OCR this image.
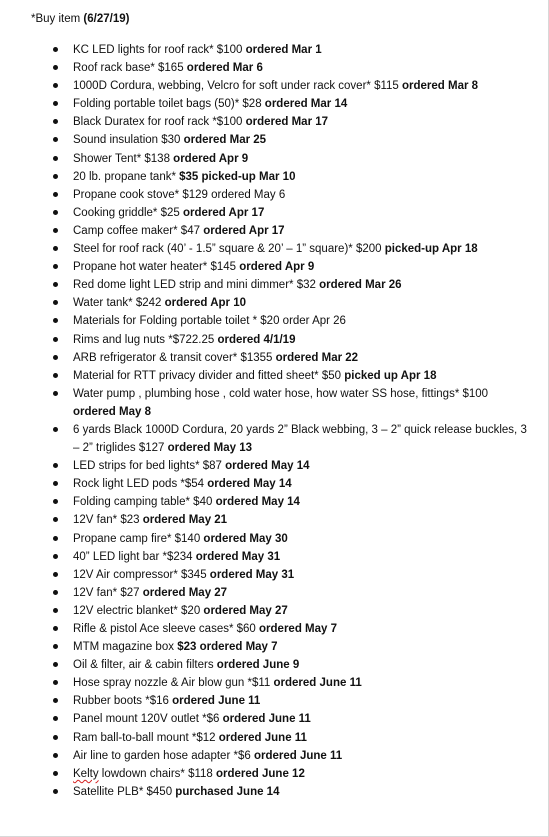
*Buy item (6/27/19)
KC LED lights for roof rack* $100 ordered Mar 1
Roof rack base* $165 ordered Mar 6
1000D Cordura, webbing, Velcro for soft under rack cover* $115 ordered Mar 8
Folding portable toilet bags (50)* $28 ordered Mar 14
Black Duratex for roof rack *$100 ordered Mar 17
Sound insulation $30 ordered Mar 25
Shower Tent* $138 ordered Apr 9
20 lb. propane tank* $35 picked-up Mar 10
Propane cook stove* $129 ordered May 6
Cooking griddle* $25 ordered Apr 17
Camp coffee maker* $47 ordered Apr 17
Steel for roof rack (40’ - 1.5” square & 20’ – 1” square)* $200 picked-up Apr 18
Propane hot water heater* $145 ordered Apr 9
Red dome light LED strip and mini dimmer* $32 ordered Mar 26
Water tank* $242 ordered Apr 10
Materials for Folding portable toilet * $20 order Apr 26
Rims and lug nuts *$722.25 ordered 4/1/19
ARB refrigerator & transit cover* $1355 ordered Mar 22
Material for RTT privacy divider and fitted sheet* $50 picked up Apr 18
Water pump , plumbing hose , cold water hose, how water SS hose, fittings* $100 ordered May 8
6 yards Black 1000D Cordura, 20 yards 2” Black webbing, 3 – 2” quick release buckles, 3 – 2” triglides $127 ordered May 13
LED strips for bed lights* $87 ordered May 14
Rock light LED pods *$54 ordered May 14
Folding camping table* $40 ordered May 14
12V fan* $23 ordered May 21
Propane camp fire* $140 ordered May 30
40” LED light bar *$234 ordered May 31
12V Air compressor* $345 ordered May 31
12V fan* $27 ordered May 27
12V electric blanket* $20 ordered May 27
Rifle & pistol Ace sleeve cases* $60 ordered May 7
MTM magazine box $23 ordered May 7
Oil & filter, air & cabin filters ordered June 9
Hose spray nozzle & Air blow gun *$11 ordered June 11
Rubber boots *$16 ordered June 11
Panel mount 120V outlet *$6 ordered June 11
Ram ball-to-ball mount *$12 ordered June 11
Air line to garden hose adapter *$6 ordered June 11
Kelty lowdown chairs* $118 ordered June 12
Satellite PLB* $450 purchased June 14
